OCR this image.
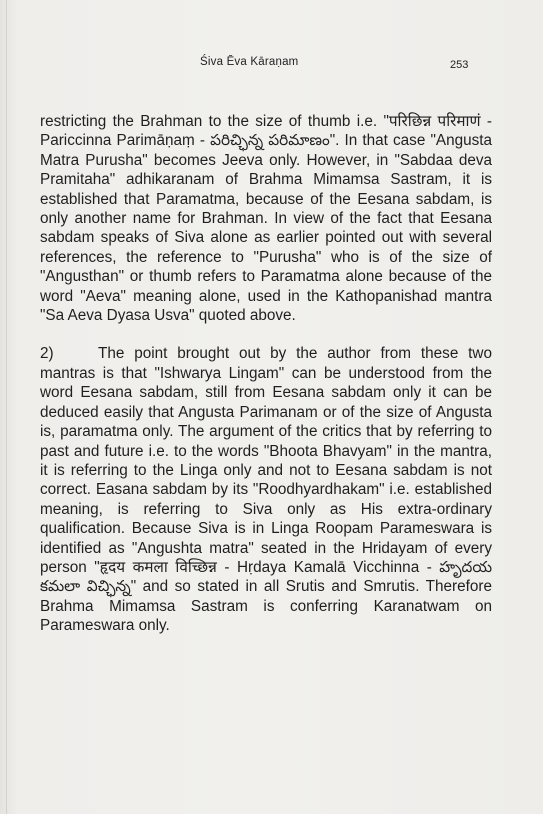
Śiva Ēva Kāraṇam	253

restricting the Brahman to the size of thumb i.e. "परिछिन्न परिमाणं - Pariccinna Parimāṇaṃ - పరిచ్ఛిన్న పరిమాణం". In that case "Angusta Matra Purusha" becomes Jeeva only. However, in "Sabdaa deva Pramitaha" adhikaranam of Brahma Mimamsa Sastram, it is established that Paramatma, because of the Eesana sabdam, is only another name for Brahman. In view of the fact that Eesana sabdam speaks of Siva alone as earlier pointed out with several references, the reference to "Purusha" who is of the size of "Angusthan" or thumb refers to Paramatma alone because of the word "Aeva" meaning alone, used in the Kathopanishad mantra "Sa Aeva Dyasa Usva" quoted above.

2)	The point brought out by the author from these two mantras is that "Ishwarya Lingam" can be understood from the word Eesana sabdam, still from Eesana sabdam only it can be deduced easily that Angusta Parimanam or of the size of Angusta is, paramatma only. The argument of the critics that by referring to past and future i.e. to the words "Bhoota Bhavyam" in the mantra, it is referring to the Linga only and not to Eesana sabdam is not correct. Easana sabdam by its "Roodhyardhakam" i.e. established meaning, is referring to Siva only as His extra-ordinary qualification. Because Siva is in Linga Roopam Parameswara is identified as "Angushta matra" seated in the Hridayam of every person "हृदय कमला विच्छिन्न - Hṛdaya Kamalā Vicchinna - హృదయ కమలా విచ్ఛిన్న" and so stated in all Srutis and Smrutis. Therefore Brahma Mimamsa Sastram is conferring Karanatwam on Parameswara only.
